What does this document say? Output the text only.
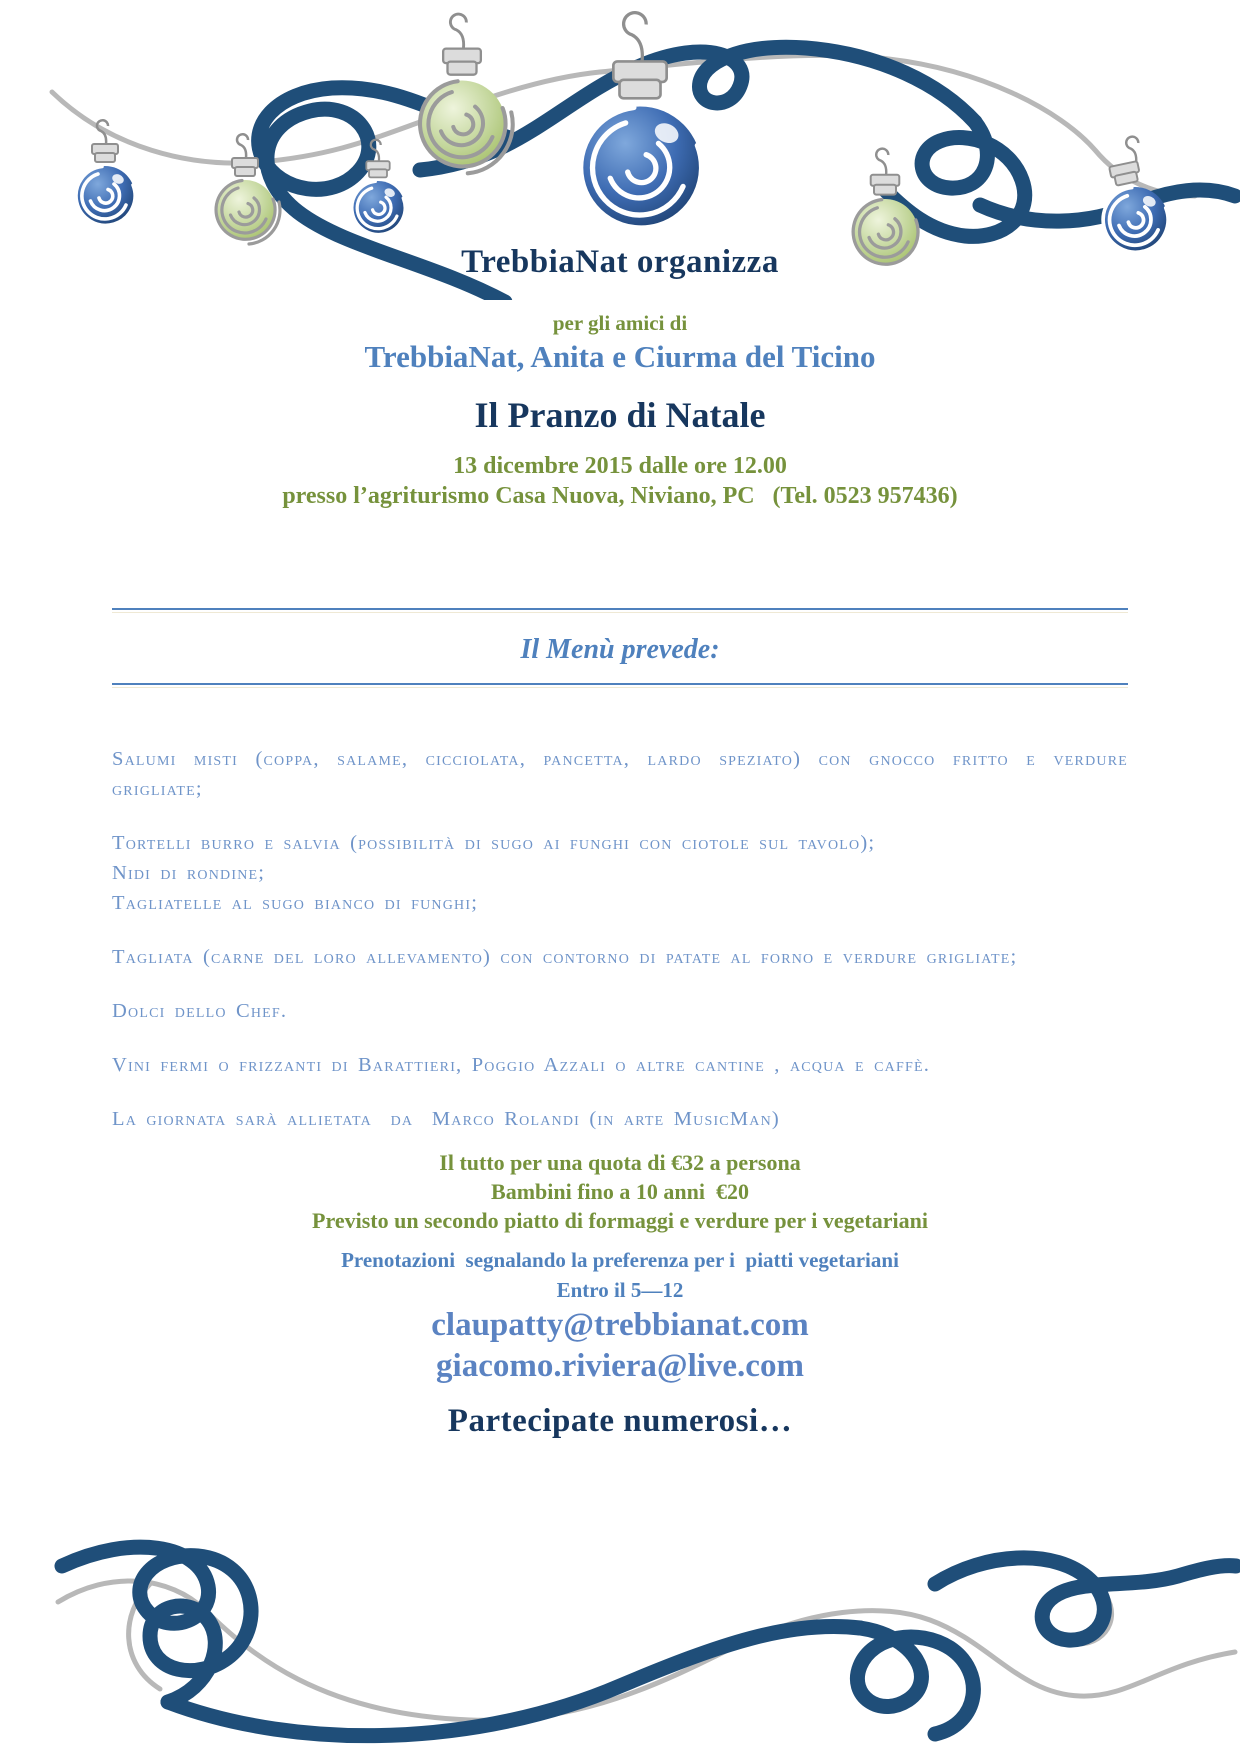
TrebbiaNat organizza
per gli amici di
TrebbiaNat, Anita e Ciurma del Ticino
Il Pranzo di Natale
13 dicembre 2015 dalle ore 12.00
presso l’agriturismo Casa Nuova, Niviano, PC   (Tel. 0523 957436)
Il Menù prevede:
Salumi misti (coppa, salame, cicciolata, pancetta, lardo speziato) con gnocco fritto e verdure grigliate;
Tortelli burro e salvia (possibilità di sugo ai funghi con ciotole sul tavolo);
Nidi di rondine;
Tagliatelle al sugo bianco di funghi;
Tagliata (carne del loro allevamento) con contorno di patate al forno e verdure grigliate;
Dolci dello Chef.
Vini fermi o frizzanti di Barattieri, Poggio Azzali o altre cantine , acqua e caffè.
La giornata sarà allietata  da  Marco Rolandi (in arte MusicMan)
Il tutto per una quota di €32 a persona
Bambini fino a 10 anni  €20
Previsto un secondo piatto di formaggi e verdure per i vegetariani
Prenotazioni  segnalando la preferenza per i  piatti vegetariani
Entro il 5—12
claupatty@trebbianat.com
giacomo.riviera@live.com
Partecipate numerosi…
